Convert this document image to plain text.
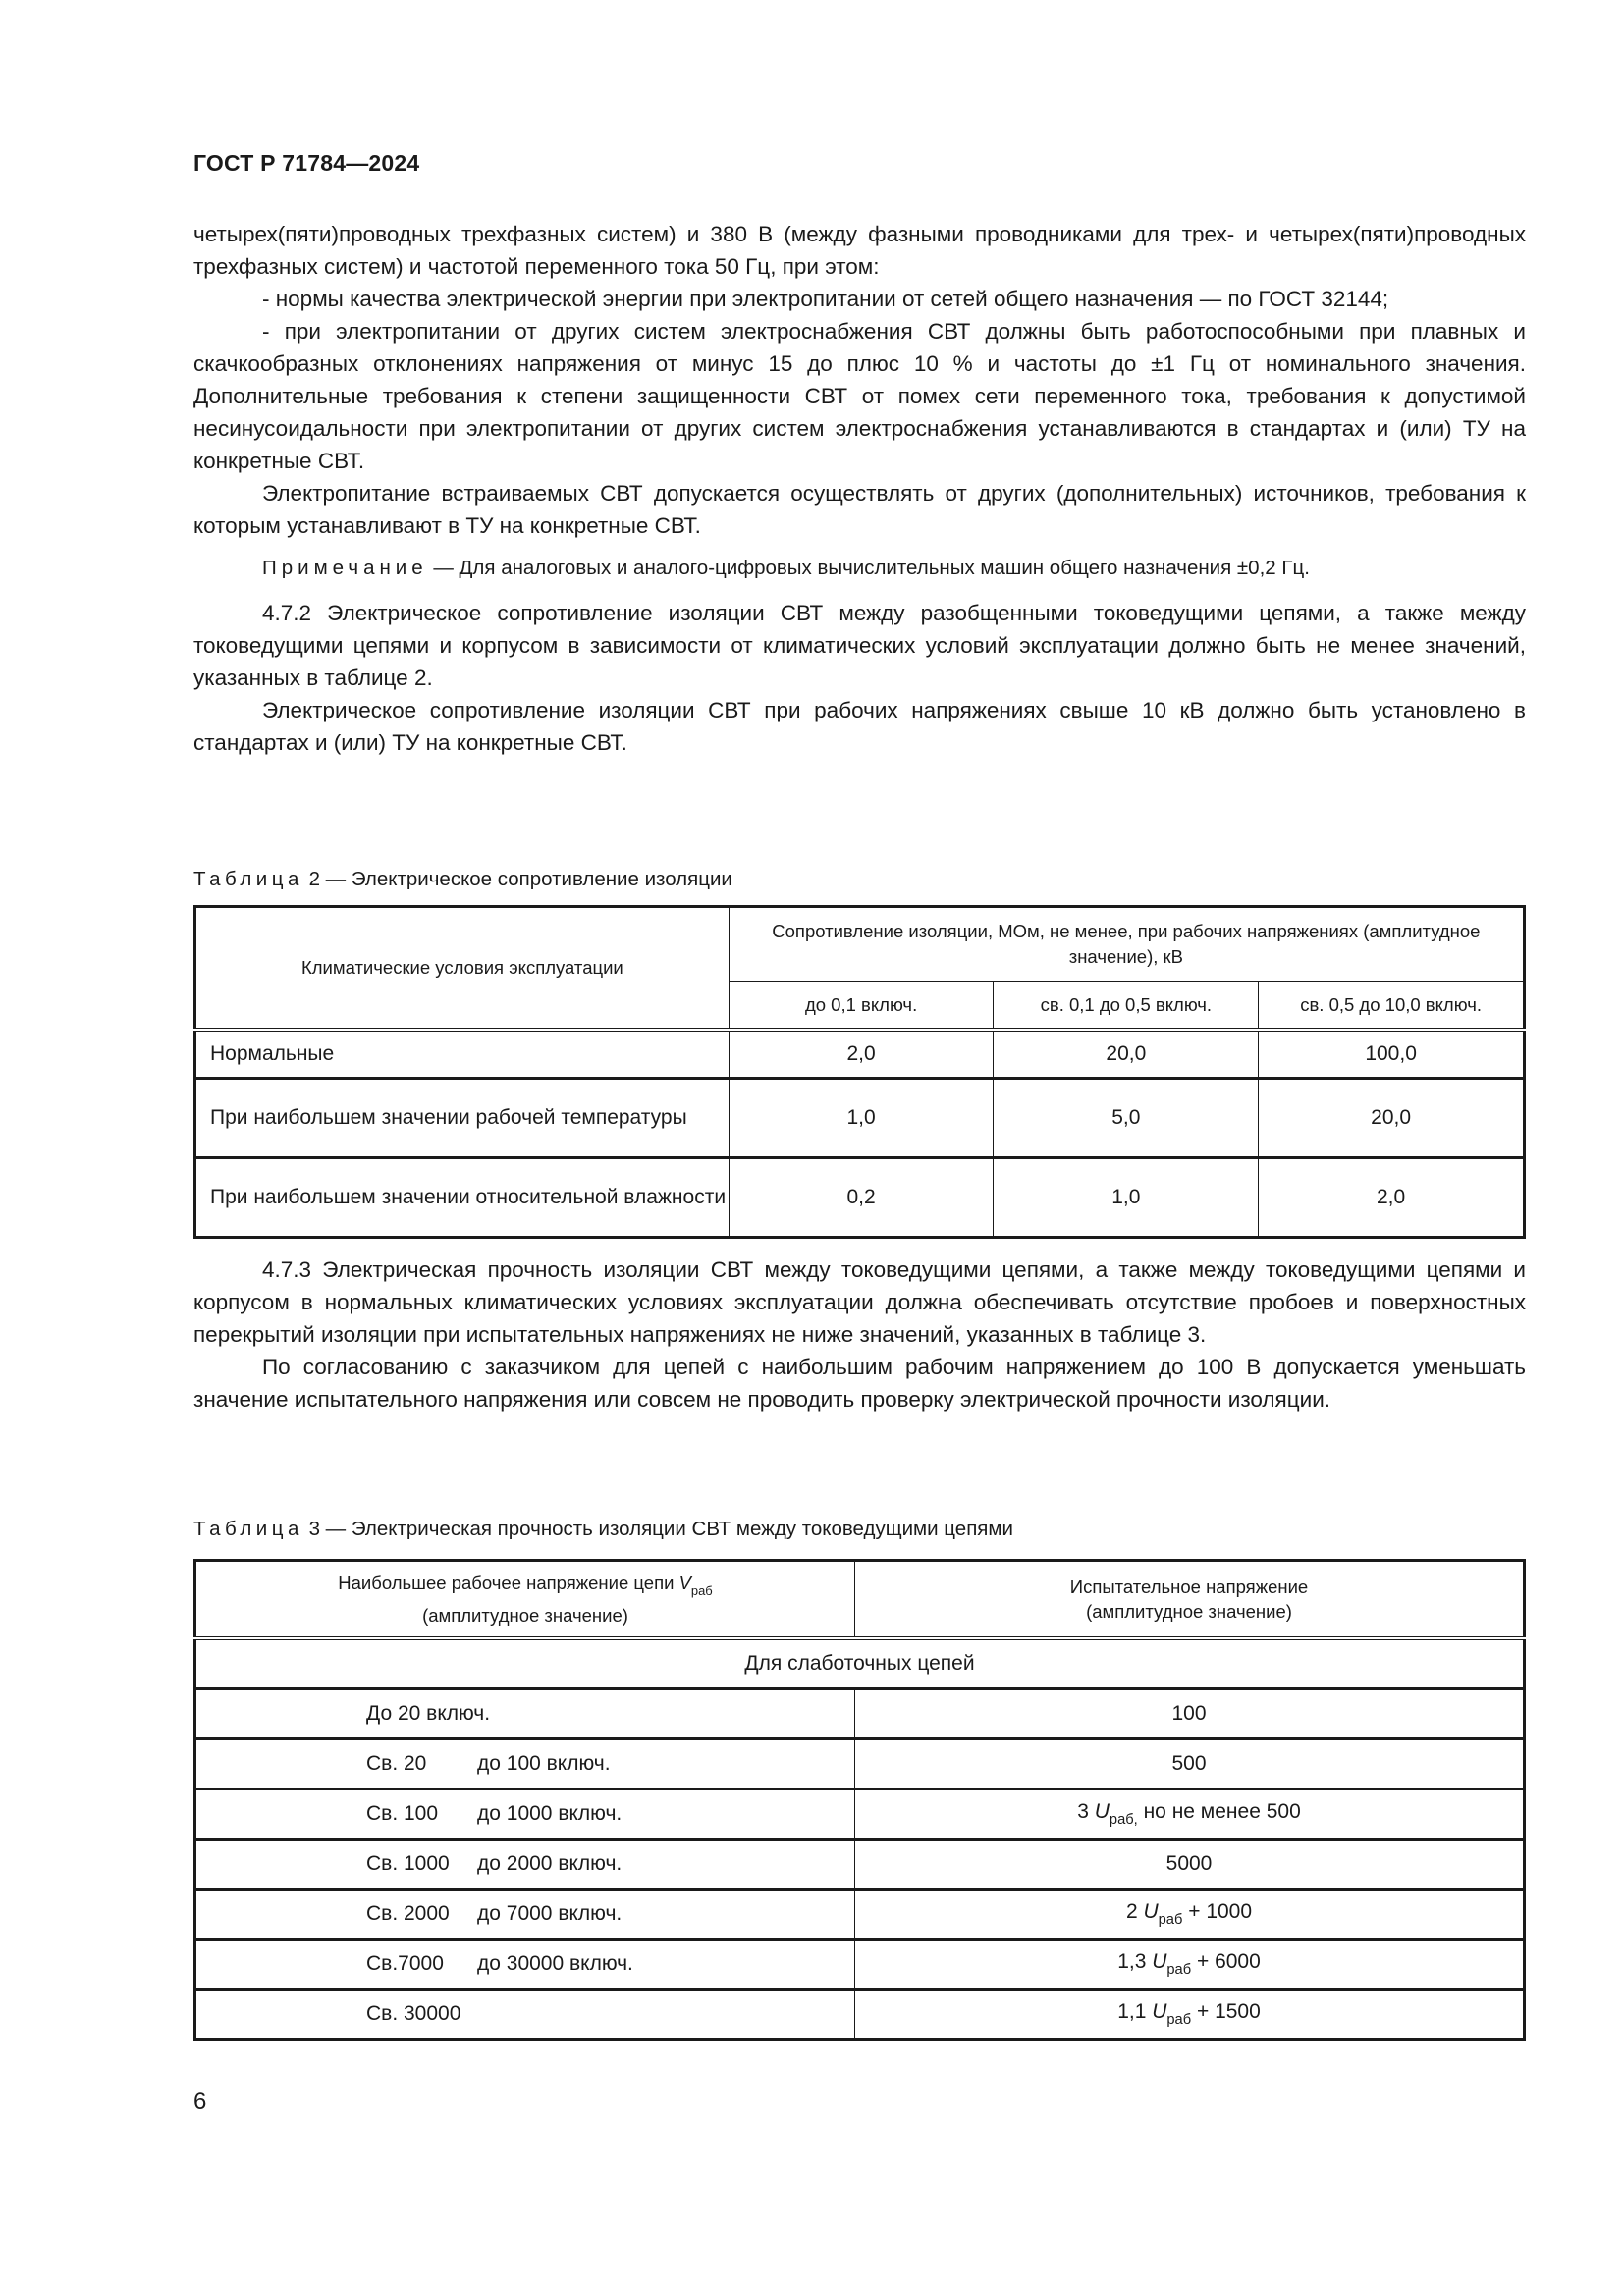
ГОСТ Р 71784—2024

четырех(пяти)проводных трехфазных систем) и 380 В (между фазными проводниками для трех- и четырех(пяти)проводных трехфазных систем) и частотой переменного тока 50 Гц, при этом:

- нормы качества электрической энергии при электропитании от сетей общего назначения — по ГОСТ 32144;

- при электропитании от других систем электроснабжения СВТ должны быть работоспособными при плавных и скачкообразных отклонениях напряжения от минус 15 до плюс 10 % и частоты до ±1 Гц от номинального значения. Дополнительные требования к степени защищенности СВТ от помех сети переменного тока, требования к допустимой несинусоидальности при электропитании от других систем электроснабжения устанавливаются в стандартах и (или) ТУ на конкретные СВТ.

Электропитание встраиваемых СВТ допускается осуществлять от других (дополнительных) источников, требования к которым устанавливают в ТУ на конкретные СВТ.

Примечание — Для аналоговых и аналого-цифровых вычислительных машин общего назначения ±0,2 Гц.

4.7.2 Электрическое сопротивление изоляции СВТ между разобщенными токоведущими цепями, а также между токоведущими цепями и корпусом в зависимости от климатических условий эксплуатации должно быть не менее значений, указанных в таблице 2.

Электрическое сопротивление изоляции СВТ при рабочих напряжениях свыше 10 кВ должно быть установлено в стандартах и (или) ТУ на конкретные СВТ.

Таблица 2 — Электрическое сопротивление изоляции

Климатические условия эксплуатации	Сопротивление изоляции, МОм, не менее, при рабочих напряжениях (амплитудное значение), кВ		
	до 0,1 включ.	св. 0,1 до 0,5 включ.	св. 0,5 до 10,0 включ.
Нормальные	2,0	20,0	100,0
При наибольшем значении рабочей температуры	1,0	5,0	20,0
При наибольшем значении относительной влажности	0,2	1,0	2,0

4.7.3 Электрическая прочность изоляции СВТ между токоведущими цепями, а также между токоведущими цепями и корпусом в нормальных климатических условиях эксплуатации должна обеспечивать отсутствие пробоев и поверхностных перекрытий изоляции при испытательных напряжениях не ниже значений, указанных в таблице 3.

По согласованию с заказчиком для цепей с наибольшим рабочим напряжением до 100 В допускается уменьшать значение испытательного напряжения или совсем не проводить проверку электрической прочности изоляции.

Таблица 3 — Электрическая прочность изоляции СВТ между токоведущими цепями

Наибольшее рабочее напряжение цепи $V_{раб}$
(амплитудное значение)	Испытательное напряжение
(амплитудное значение)
Для слаботочных цепей	
До 20 включ.	100
Св. 20 до 100 включ.	500
Св. 100 до 1000 включ.	3 $U_{раб,}$ но не менее 500
Св. 1000 до 2000 включ.	5000
Св. 2000 до 7000 включ.	2 $U_{раб} + 1000$
Св.7000 до 30000 включ.	1,3 $U_{раб} + 6000$
Св. 30000	1,1 $U_{раб} + 1500$
6
